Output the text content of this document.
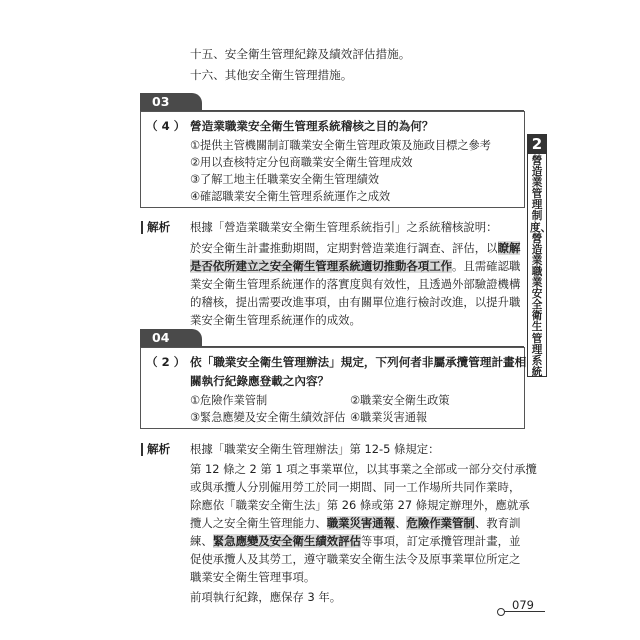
十五、安全衛生管理紀錄及績效評估措施。
十六、其他安全衛生管理措施。
03
（ 4 ） 營造業職業安全衛生管理系統稽核之目的為何？
①提供主管機關制訂職業安全衛生管理政策及施政目標之參考
②用以查核特定分包商職業安全衛生管理成效
③了解工地主任職業安全衛生管理績效
④確認職業安全衛生管理系統運作之成效
解析 根據「營造業職業安全衛生管理系統指引」之系統稽核說明：
於安全衛生計畫推動期間，定期對營造業進行調查、評估，以瞭解
是否依所建立之安全衛生管理系統適切推動各項工作。且需確認職
業安全衛生管理系統運作的落實度與有效性，且透過外部驗證機構
的稽核，提出需要改進事項，由有關單位進行檢討改進，以提升職
業安全衛生管理系統運作的成效。
04
（ 2 ） 依「職業安全衛生管理辦法」規定，下列何者非屬承攬管理計畫相
關執行紀錄應登載之內容？
①危險作業管制	②職業安全衛生政策
③緊急應變及安全衛生績效評估 ④職業災害通報
解析 根據「職業安全衛生管理辦法」第 12-5 條規定：
第 12 條之 2 第 1 項之事業單位，以其事業之全部或一部分交付承攬
或與承攬人分別僱用勞工於同一期間、同一工作場所共同作業時，
除應依「職業安全衛生法」第 26 條或第 27 條規定辦理外，應就承
攬人之安全衛生管理能力、職業災害通報、危險作業管制、教育訓
練、緊急應變及安全衛生績效評估等事項，訂定承攬管理計畫，並
促使承攬人及其勞工，遵守職業安全衛生法令及原事業單位所定之
職業安全衛生管理事項。
前項執行紀錄，應保存 3 年。
2
營造業管理制度、營造業職業安全衛生管理系統
079
